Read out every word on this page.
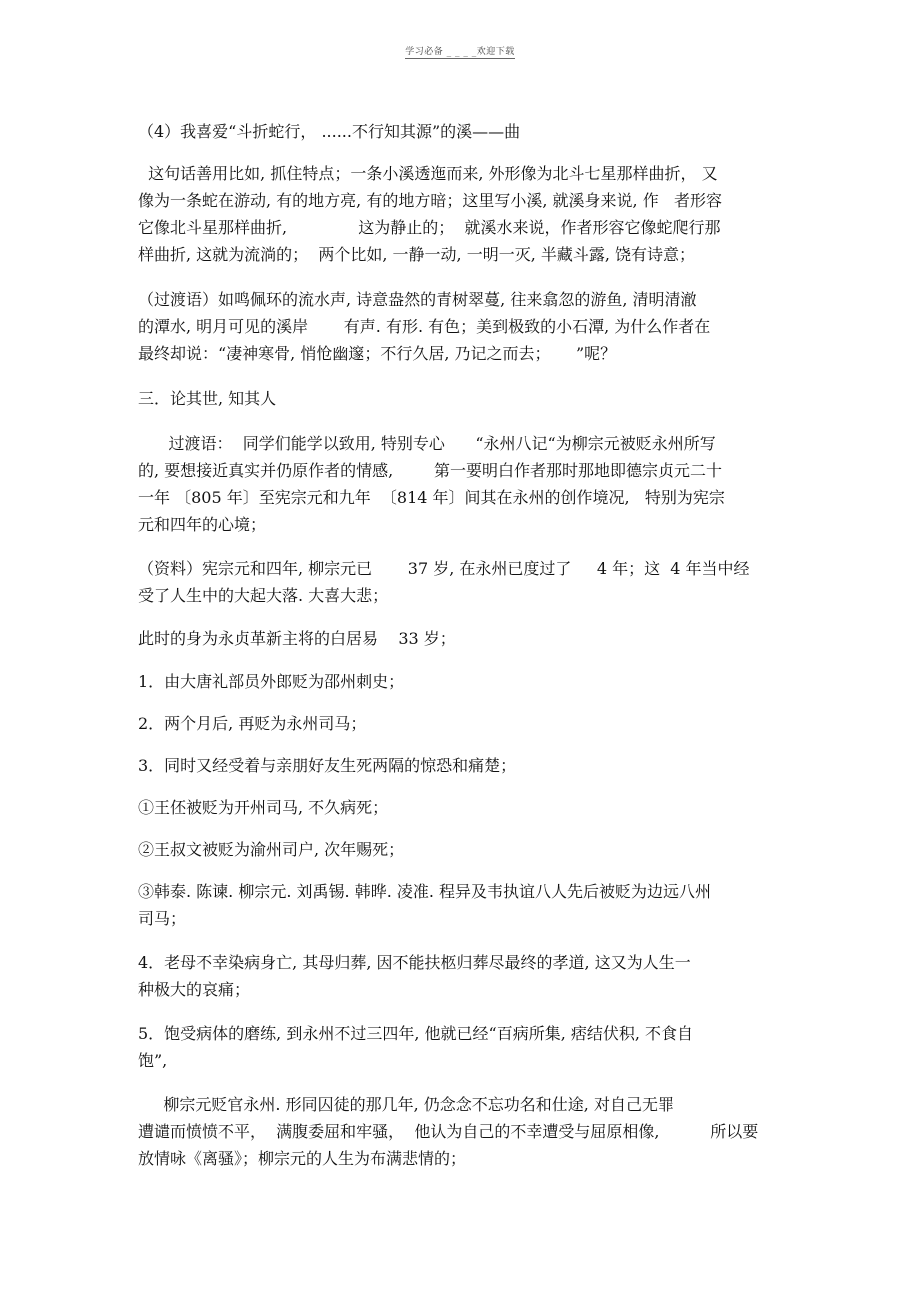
学习必备 _ _ _ _欢迎下载
（4）我喜爱“斗折蛇行， ......不行知其源”的溪——曲
这句话善用比如, 抓住特点；一条小溪透迤而来, 外形像为北斗七星那样曲折， 又
像为一条蛇在游动, 有的地方亮, 有的地方暗；这里写小溪, 就溪身来说, 作   者形容
它像北斗星那样曲折,              这为静止的；  就溪水来说，作者形容它像蛇爬行那
样曲折, 这就为流淌的；  两个比如, 一静一动, 一明一灭, 半藏斗露, 饶有诗意；
（过渡语）如鸣佩环的流水声, 诗意盎然的青树翠蔓, 往来翕忽的游鱼, 清明清澈
的潭水, 明月可见的溪岸       有声. 有形. 有色；美到极致的小石潭, 为什么作者在
最终却说：“凄神寒骨, 悄怆幽邃；不行久居, 乃记之而去；     ”呢？
三．论其世, 知其人
过渡语：  同学们能学以致用, 特别专心      “永州八记“为柳宗元被贬永州所写
的, 要想接近真实并仍原作者的情感,        第一要明白作者那时那地即德宗贞元二十
一年 〔805 年〕至宪宗元和九年  〔814 年〕间其在永州的创作境况,   特别为宪宗
元和四年的心境；
（资料）宪宗元和四年, 柳宗元已       37 岁, 在永州已度过了     4 年；这  4 年当中经
受了人生中的大起大落. 大喜大悲；
此时的身为永贞革新主将的白居易    33 岁；
1．由大唐礼部员外郎贬为邵州刺史；
2．两个月后, 再贬为永州司马；
3．同时又经受着与亲朋好友生死两隔的惊恐和痛楚；
①王伾被贬为开州司马, 不久病死；
②王叔文被贬为渝州司户, 次年赐死；
③韩泰. 陈谏. 柳宗元. 刘禹锡. 韩晔. 凌准. 程异及韦执谊八人先后被贬为边远八州
司马；
4．老母不幸染病身亡, 其母归葬, 因不能扶柩归葬尽最终的孝道, 这又为人生一
种极大的哀痛；
5．饱受病体的磨练, 到永州不过三四年, 他就已经“百病所集, 痞结伏积, 不食自
饱”,
柳宗元贬官永州. 形同囚徒的那几年, 仍念念不忘功名和仕途, 对自己无罪
遭谴而愤愤不平，  满腹委屈和牢骚，  他认为自己的不幸遭受与屈原相像,          所以要
放情咏《离骚》；柳宗元的人生为布满悲情的；
